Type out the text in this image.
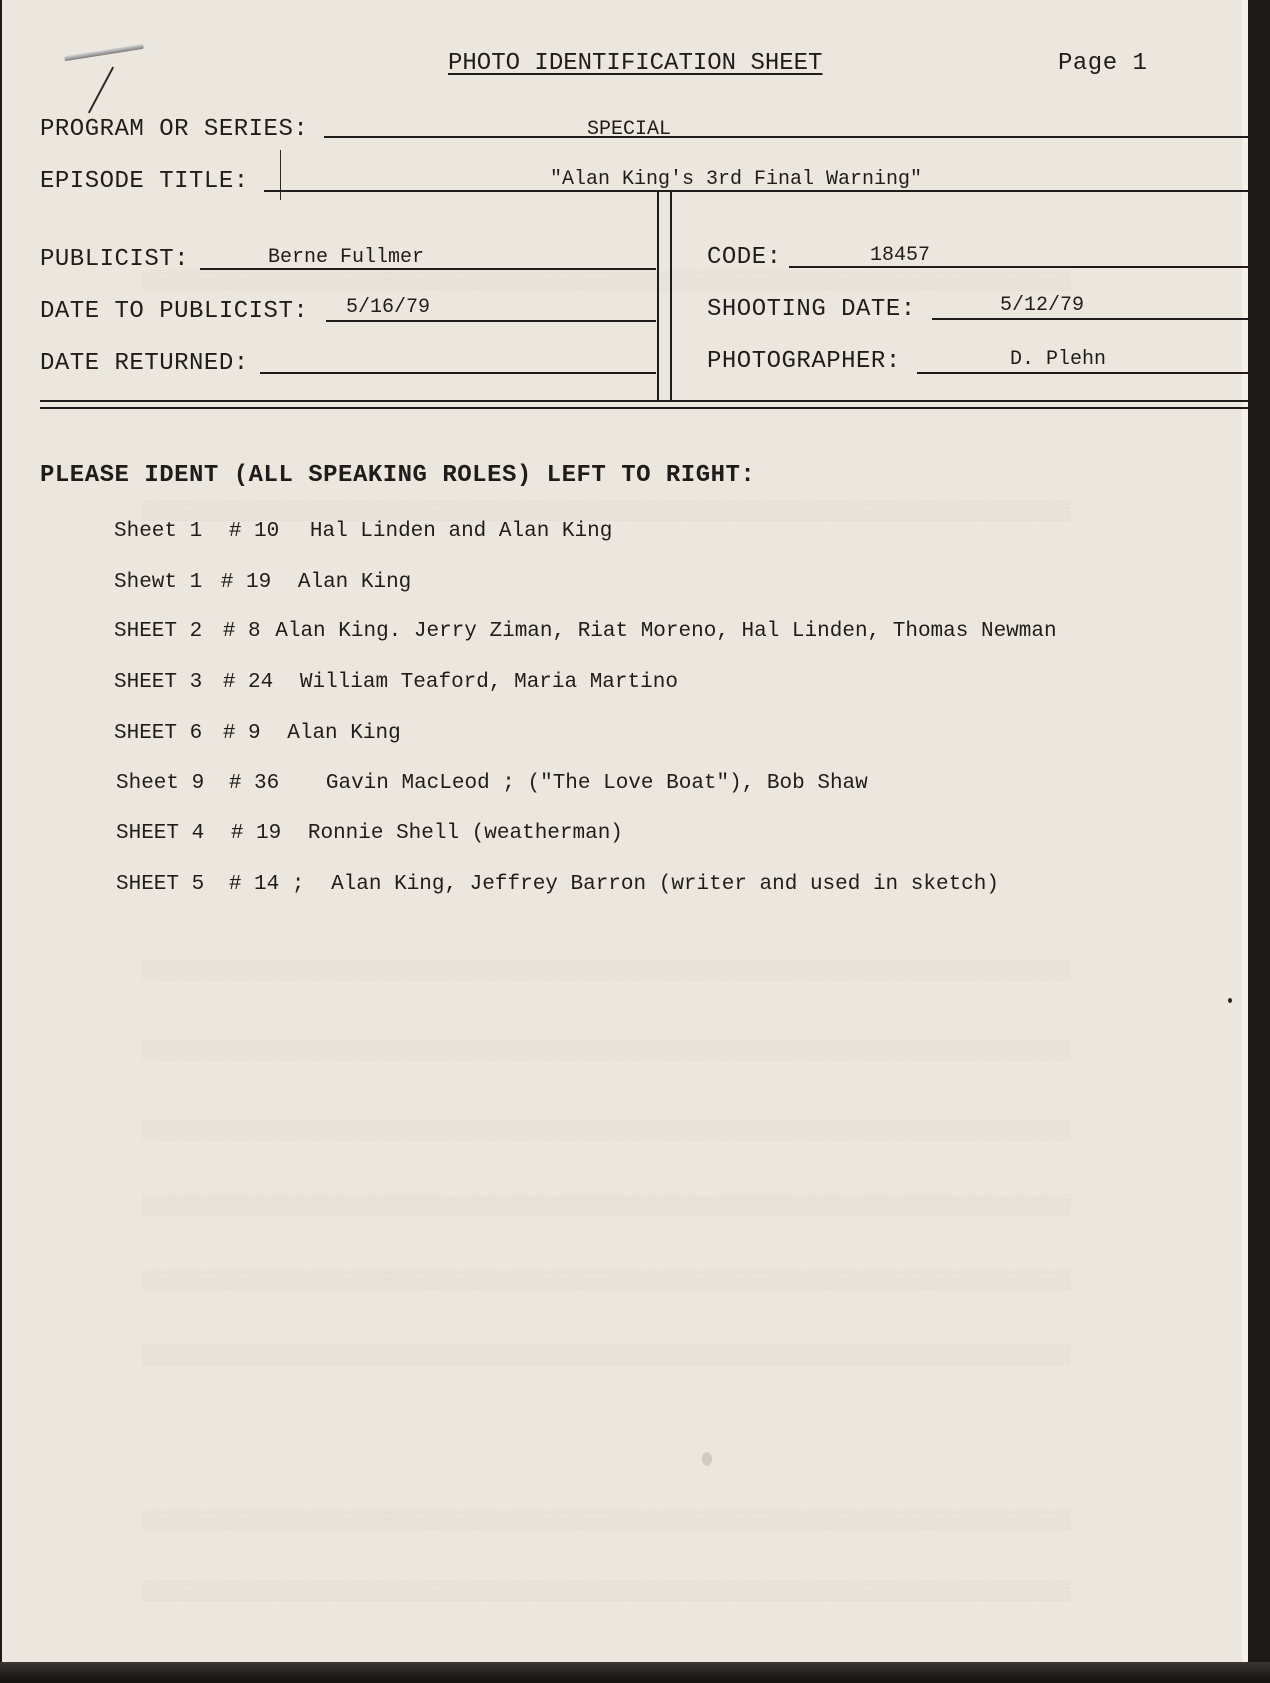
▒▒▒▒▒▒▒▒▒▒▒▒▒▒▒▒▒▒▒▒▒▒▒▒▒▒▒▒▒▒▒▒▒▒▒▒▒▒▒▒▒▒▒▒▒▒▒▒▒▒▒▒▒▒▒▒▒▒▒▒▒▒▒▒▒▒▒▒▒
▒▒▒▒▒▒▒▒▒▒▒▒▒▒▒▒▒▒▒▒▒▒▒▒▒▒▒▒▒▒▒▒▒▒▒▒▒▒▒▒▒▒▒▒▒▒▒▒▒▒▒▒▒▒▒▒▒▒▒▒▒▒▒▒▒▒▒▒▒
▒▒▒▒▒▒▒▒▒▒▒▒▒▒▒▒▒▒▒▒▒▒▒▒▒▒▒▒▒▒▒▒▒▒▒▒▒▒▒▒▒▒▒▒▒▒▒▒▒▒▒▒▒▒▒▒▒▒▒▒▒▒▒▒▒▒▒▒▒
▒▒▒▒▒▒▒▒▒▒▒▒▒▒▒▒▒▒▒▒▒▒▒▒▒▒▒▒▒▒▒▒▒▒▒▒▒▒▒▒▒▒▒▒▒▒▒▒▒▒▒▒▒▒▒▒▒▒▒▒▒▒▒▒▒▒▒▒▒
▒▒▒▒▒▒▒▒▒▒▒▒▒▒▒▒▒▒▒▒▒▒▒▒▒▒▒▒▒▒▒▒▒▒▒▒▒▒▒▒▒▒▒▒▒▒▒▒▒▒▒▒▒▒▒▒▒▒▒▒▒▒▒▒▒▒▒▒▒
▒▒▒▒▒▒▒▒▒▒▒▒▒▒▒▒▒▒▒▒▒▒▒▒▒▒▒▒▒▒▒▒▒▒▒▒▒▒▒▒▒▒▒▒▒▒▒▒▒▒▒▒▒▒▒▒▒▒▒▒▒▒▒▒▒▒▒▒▒
▒▒▒▒▒▒▒▒▒▒▒▒▒▒▒▒▒▒▒▒▒▒▒▒▒▒▒▒▒▒▒▒▒▒▒▒▒▒▒▒▒▒▒▒▒▒▒▒▒▒▒▒▒▒▒▒▒▒▒▒▒▒▒▒▒▒▒▒▒
▒▒▒▒▒▒▒▒▒▒▒▒▒▒▒▒▒▒▒▒▒▒▒▒▒▒▒▒▒▒▒▒▒▒▒▒▒▒▒▒▒▒▒▒▒▒▒▒▒▒▒▒▒▒▒▒▒▒▒▒▒▒▒▒▒▒▒▒▒
▒▒▒▒▒▒▒▒▒▒▒▒▒▒▒▒▒▒▒▒▒▒▒▒▒▒▒▒▒▒▒▒▒▒▒▒▒▒▒▒▒▒▒▒▒▒▒▒▒▒▒▒▒▒▒▒▒▒▒▒▒▒▒▒▒▒▒▒▒
▒▒▒▒▒▒▒▒▒▒▒▒▒▒▒▒▒▒▒▒▒▒▒▒▒▒▒▒▒▒▒▒▒▒▒▒▒▒▒▒▒▒▒▒▒▒▒▒▒▒▒▒▒▒▒▒▒▒▒▒▒▒▒▒▒▒▒▒▒
PHOTO IDENTIFICATION SHEET	Page 1
PROGRAM OR SERIES:	SPECIAL
EPISODE TITLE:	"Alan King's 3rd Final Warning"
PUBLICIST:	Berne Fullmer	CODE:	18457
DATE TO PUBLICIST: 5/16/79	SHOOTING DATE:	5/12/79
DATE RETURNED:	PHOTOGRAPHER:	D. Plehn
PLEASE IDENT (ALL SPEAKING ROLES) LEFT TO RIGHT:
Sheet 1 # 10 Hal Linden and Alan King
Shewt 1 # 19 Alan King
SHEET 2 # 8 Alan King. Jerry Ziman, Riat Moreno, Hal Linden, Thomas Newman
SHEET 3 # 24 William Teaford, Maria Martino
SHEET 6 # 9 Alan King
Sheet 9 # 36 Gavin MacLeod ; ("The Love Boat"), Bob Shaw
SHEET 4 # 19 Ronnie Shell (weatherman)
SHEET 5 # 14 ; Alan King, Jeffrey Barron (writer and used in sketch)
